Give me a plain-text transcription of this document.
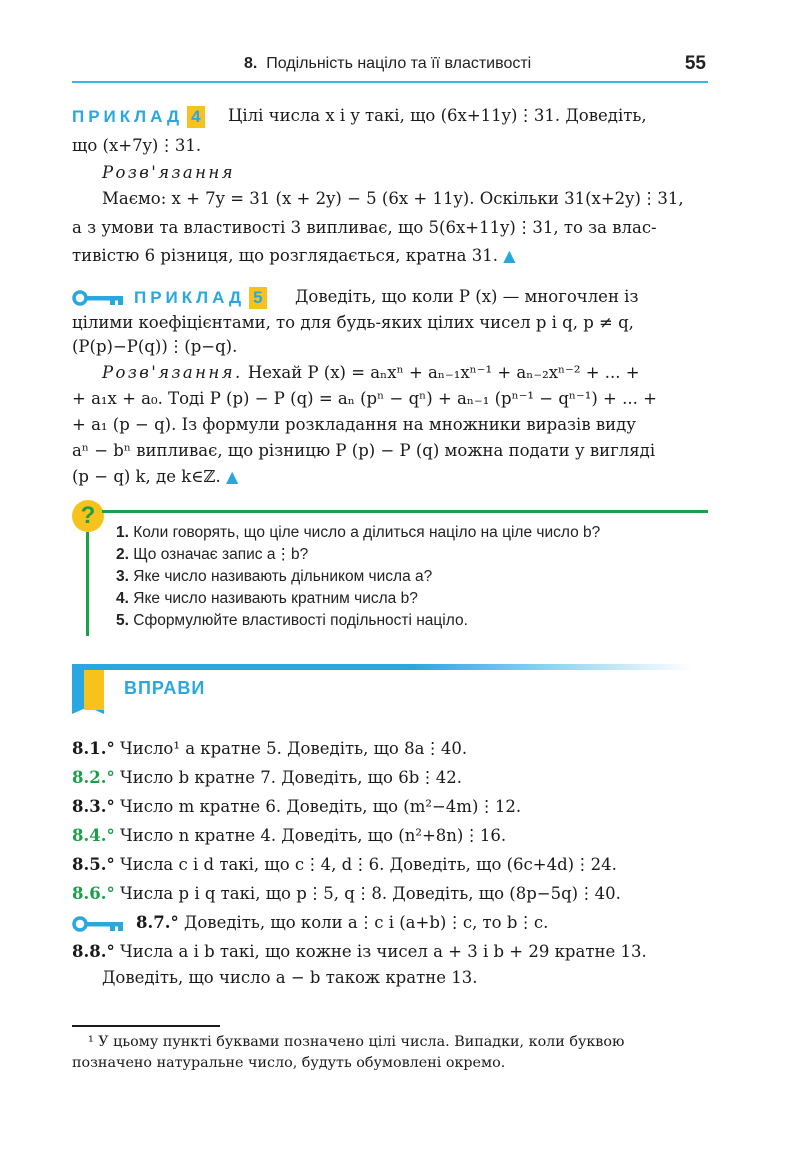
8. Подільність націло та її властивості	55
ПРИКЛАД 4 Цілі числа x і y такі, що (6x+11y)⋮31. Доведіть,
що (x+7y)⋮31.
Розв'язання
Маємо: x + 7y = 31 (x + 2y) − 5 (6x + 11y). Оскільки 31(x+2y)⋮31,
а з умови та властивості 3 випливає, що 5(6x+11y)⋮31, то за влас-
тивістю 6 різниця, що розглядається, кратна 31. ▲
ПРИКЛАД 5 Доведіть, що коли P (x) — многочлен із
цілими коефіцієнтами, то для будь-яких цілих чисел p і q, p ≠ q,
(P(p)−P(q))⋮(p−q).
Розв'язання. Нехай P (x) = aₙxⁿ + aₙ₋₁xⁿ⁻¹ + aₙ₋₂xⁿ⁻² + ... +
+ a₁x + a₀. Тоді P (p) − P (q) = aₙ (pⁿ − qⁿ) + aₙ₋₁ (pⁿ⁻¹ − qⁿ⁻¹) + ... +
+ a₁ (p − q). Із формули розкладання на множники виразів виду
aⁿ − bⁿ випливає, що різницю P (p) − P (q) можна подати у вигляді
(p − q) k, де k∈ℤ. ▲
?
1. Коли говорять, що ціле число a ділиться націло на ціле число b?
2. Що означає запис a⋮b?
3. Яке число називають дільником числа a?
4. Яке число називають кратним числа b?
5. Сформулюйте властивості подільності націло.
ВПРАВИ
8.1.° Число¹ a кратне 5. Доведіть, що 8a⋮40.
8.2.° Число b кратне 7. Доведіть, що 6b⋮42.
8.3.° Число m кратне 6. Доведіть, що (m²−4m)⋮12.
8.4.° Число n кратне 4. Доведіть, що (n²+8n)⋮16.
8.5.° Числа c і d такі, що c⋮4, d⋮6. Доведіть, що (6c+4d)⋮24.
8.6.° Числа p і q такі, що p⋮5, q⋮8. Доведіть, що (8p−5q)⋮40.
8.7.° Доведіть, що коли a⋮c і (a+b)⋮c, то b⋮c.
8.8.° Числа a і b такі, що кожне із чисел a + 3 і b + 29 кратне 13.
Доведіть, що число a − b також кратне 13.
¹ У цьому пункті буквами позначено цілі числа. Випадки, коли буквою
позначено натуральне число, будуть обумовлені окремо.
